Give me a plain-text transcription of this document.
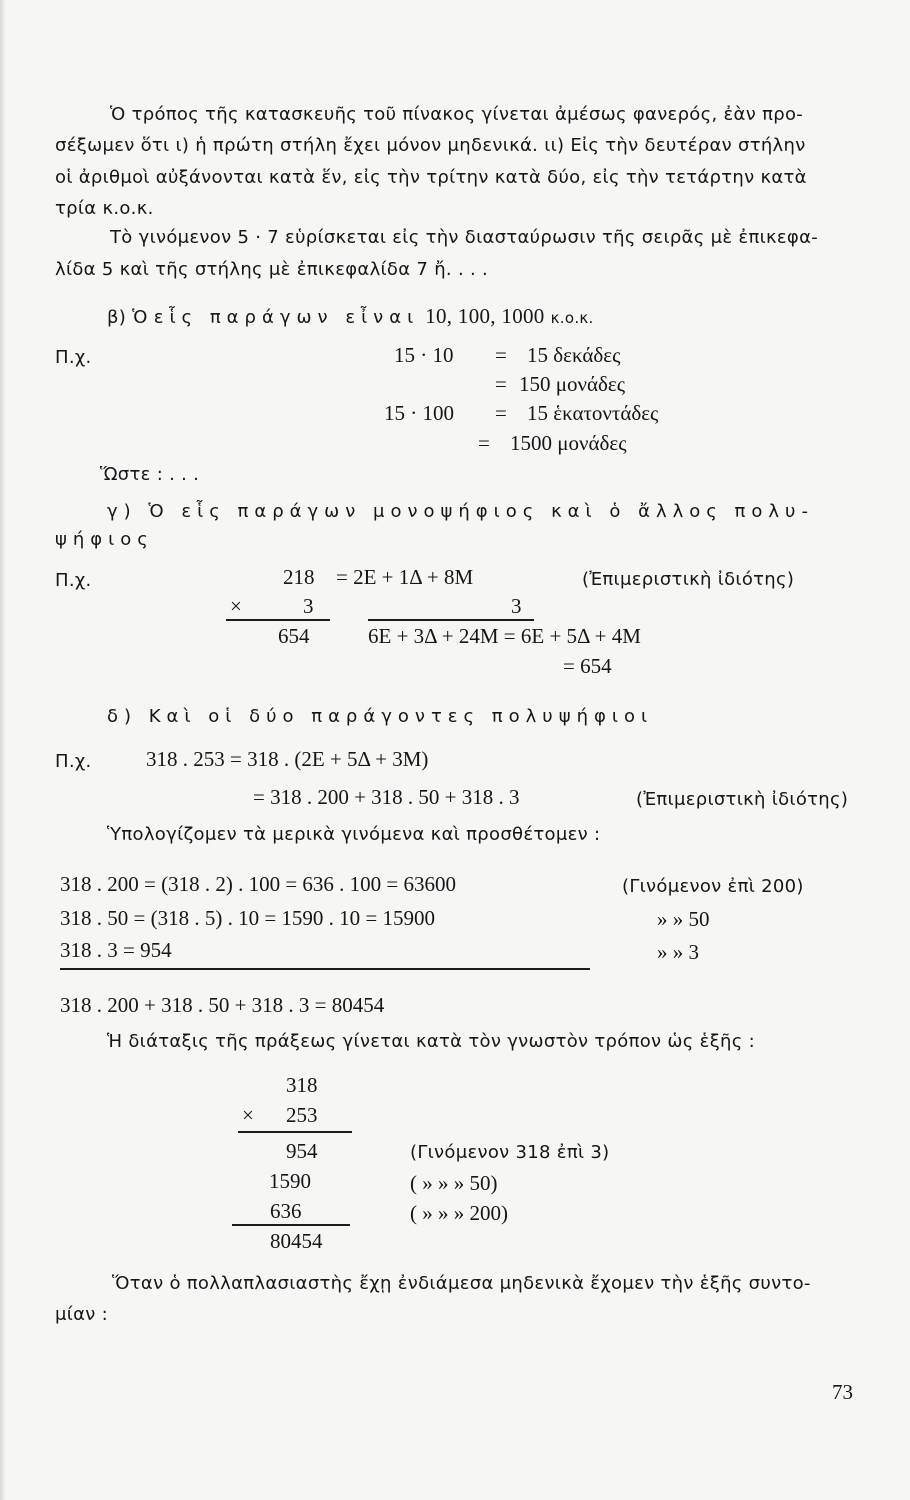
Ὁ τρόπος τῆς κατασκευῆς τοῦ πίνακος γίνεται ἀμέσως φανερός, ἐὰν προ-
σέξωμεν ὅτι ι) ἡ πρώτη στήλη ἔχει μόνον μηδενικά. ιι) Εἰς τὴν δευτέραν στήλην
οἱ ἀριθμοὶ αὐξάνονται κατὰ ἕν, εἰς τὴν τρίτην κατὰ δύο, εἰς τὴν τετάρτην κατὰ
τρία κ.ο.κ.
Τὸ γινόμενον 5 · 7 εὑρίσκεται εἰς τὴν διασταύρωσιν τῆς σειρᾶς μὲ ἐπικεφα-
λίδα 5 καὶ τῆς στήλης μὲ ἐπικεφαλίδα 7 ἤ. . . .
β) Ὁ εἷς παράγων εἶναι 10, 100, 1000 κ.ο.κ.
Π.χ.	15 · 10 = 15 δεκάδες
= 150 μονάδες
15 · 100 = 15 ἑκατοντάδες
= 1500 μονάδες
Ὥστε : . . .
γ) Ὁ εἷς παράγων μονοψήφιος καὶ ὁ ἄλλος πολυ-
ψήφιος
Π.χ.	218 = 2Ε + 1Δ + 8Μ	(Ἐπιμεριστικὴ ἰδιότης)
×	3	3
654	6Ε + 3Δ + 24Μ = 6Ε + 5Δ + 4Μ
= 654
δ) Καὶ οἱ δύο παράγοντες πολυψήφιοι
Π.χ.	318 . 253 = 318 . (2Ε + 5Δ + 3Μ)
= 318 . 200 + 318 . 50 + 318 . 3	(Ἐπιμεριστικὴ ἰδιότης)
Ὑπολογίζομεν τὰ μερικὰ γινόμενα καὶ προσθέτομεν :
318 . 200 = (318 . 2) . 100 = 636 . 100 = 63600	(Γινόμενον ἐπὶ 200)
318 . 50 = (318 . 5) . 10 = 1590 . 10 = 15900	» » 50
318 . 3 = 954	» » 3
318 . 200 + 318 . 50 + 318 . 3 = 80454
Ἡ διάταξις τῆς πράξεως γίνεται κατὰ τὸν γνωστὸν τρόπον ὡς ἑξῆς :
318
× 253
954	(Γινόμενον 318 ἐπὶ 3)
1590	( » » » 50)
636	( » » » 200)
80454
Ὅταν ὁ πολλαπλασιαστὴς ἔχῃ ἐνδιάμεσα μηδενικὰ ἔχομεν τὴν ἑξῆς συντο-
μίαν :
73
